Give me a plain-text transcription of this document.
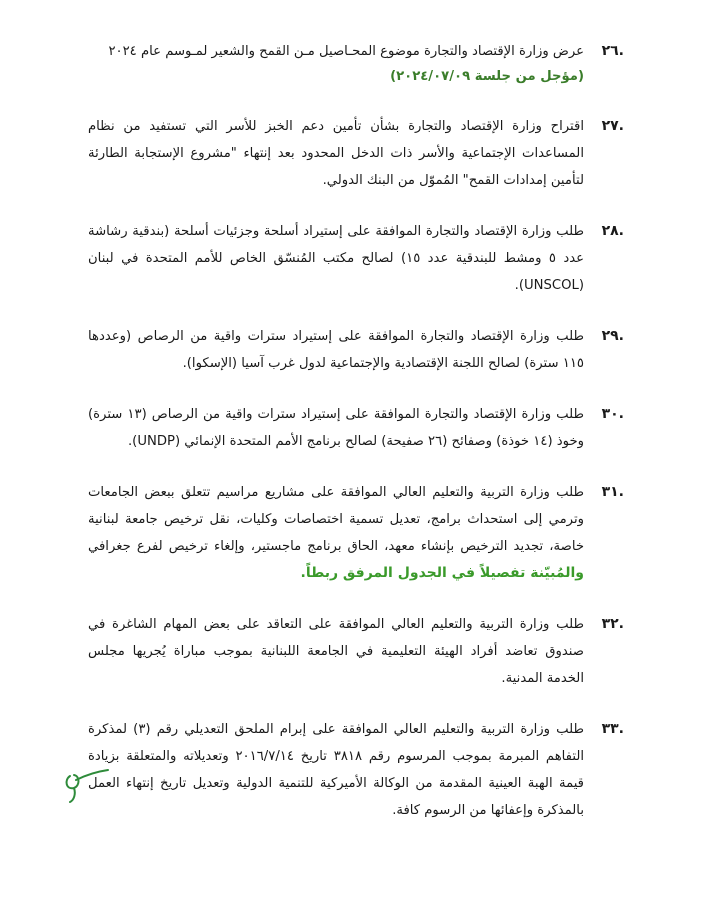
.٢٦
عرض وزارة الإقتصاد والتجارة موضوع المحـاصيل مـن القمح والشعير لمـوسم عام ٢٠٢٤
(مؤجل من جلسة ٢٠٢٤/٠٧/٠٩)
.٢٧
اقتراح وزارة الإقتصاد والتجارة بشأن تأمين دعم الخبز للأسر التي تستفيد من نظام المساعدات الإجتماعية والأسر ذات الدخل المحدود بعد إنتهاء "مشروع الإستجابة الطارئة لتأمين إمدادات القمح" المُموّل من البنك الدولي.
.٢٨
طلب وزارة الإقتصاد والتجارة الموافقة على إستيراد أسلحة وجزئيات أسلحة (بندقية رشاشة عدد ٥ ومشط للبندقية عدد ١٥) لصالح مكتب المُنسّق الخاص للأمم المتحدة في لبنان (UNSCOL).
.٢٩
طلب وزارة الإقتصاد والتجارة الموافقة على إستيراد سترات واقية من الرصاص (وعددها ١١٥ سترة) لصالح اللجنة الإقتصادية والإجتماعية لدول غرب آسيا (الإسكوا).
.٣٠
طلب وزارة الإقتصاد والتجارة الموافقة على إستيراد سترات واقية من الرصاص (١٣ سترة) وخوذ (١٤ خوذة) وصفائح (٢٦ صفيحة) لصالح برنامج الأمم المتحدة الإنمائي (UNDP).
.٣١
طلب وزارة التربية والتعليم العالي الموافقة على مشاريع مراسيم تتعلق ببعض الجامعات وترمي إلى استحداث برامج، تعديل تسمية اختصاصات وكليات، نقل ترخيص جامعة لبنانية خاصة، تجديد الترخيص بإنشاء معهد، الحاق برنامج ماجستير، وإلغاء ترخيص لفرع جغرافي والمُبيّنة تفصيلاً في الجدول المرفق ربطاً.
.٣٢
طلب وزارة التربية والتعليم العالي الموافقة على التعاقد على بعض المهام الشاغرة في صندوق تعاضد أفراد الهيئة التعليمية في الجامعة اللبنانية بموجب مباراة يُجريها مجلس الخدمة المدنية.
.٣٣
طلب وزارة التربية والتعليم العالي الموافقة على إبرام الملحق التعديلي رقم (٣) لمذكرة التفاهم المبرمة بموجب المرسوم رقم ٣٨١٨ تاريخ ٢٠١٦/٧/١٤ وتعديلاته والمتعلقة بزيادة قيمة الهبة العينية المقدمة من الوكالة الأميركية للتنمية الدولية وتعديل تاريخ إنتهاء العمل بالمذكرة وإعفائها من الرسوم كافة.
